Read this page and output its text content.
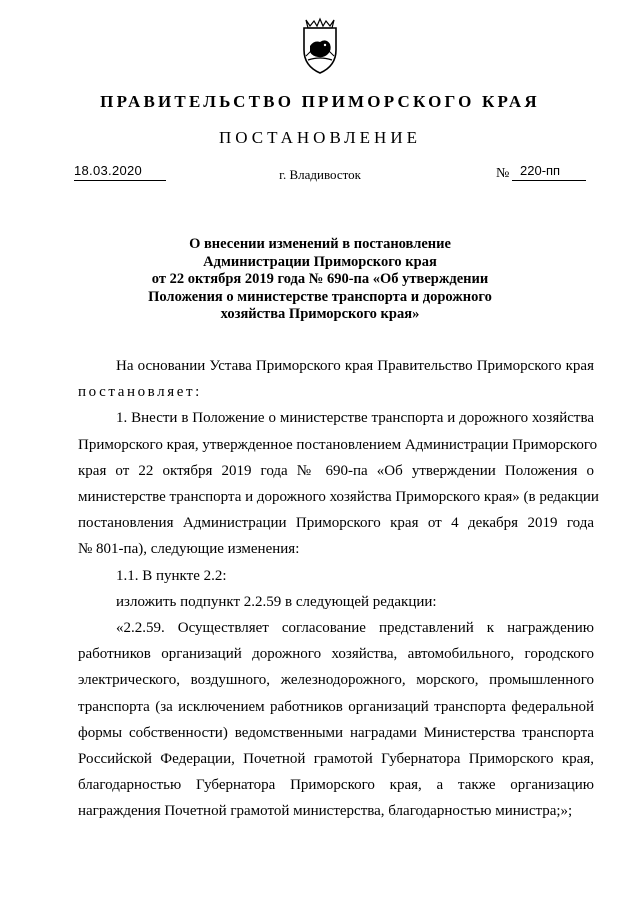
ПРАВИТЕЛЬСТВО ПРИМОРСКОГО КРАЯ
ПОСТАНОВЛЕНИЕ
18.03.2020	г. Владивосток	№ 220-пп
О внесении изменений в постановление
Администрации Приморского края
от 22 октября 2019 года № 690-па «Об утверждении
Положения о министерстве транспорта и дорожного
хозяйства Приморского края»
На основании Устава Приморского края Правительство Приморского края
постановляет:
1. Внести в Положение о министерстве транспорта и дорожного хозяйства
Приморского края, утвержденное постановлением Администрации Приморского
края от 22 октября 2019 года № 690-па «Об утверждении Положения о
министерстве транспорта и дорожного хозяйства Приморского края» (в редакции
постановления Администрации Приморского края от 4 декабря 2019 года
№ 801-па), следующие изменения:
1.1. В пункте 2.2:
изложить подпункт 2.2.59 в следующей редакции:
«2.2.59. Осуществляет согласование представлений к награждению
работников организаций дорожного хозяйства, автомобильного, городского
электрического, воздушного, железнодорожного, морского, промышленного
транспорта (за исключением работников организаций транспорта федеральной
формы собственности) ведомственными наградами Министерства транспорта
Российской Федерации, Почетной грамотой Губернатора Приморского края,
благодарностью Губернатора Приморского края, а также организацию
награждения Почетной грамотой министерства, благодарностью министра;»;
